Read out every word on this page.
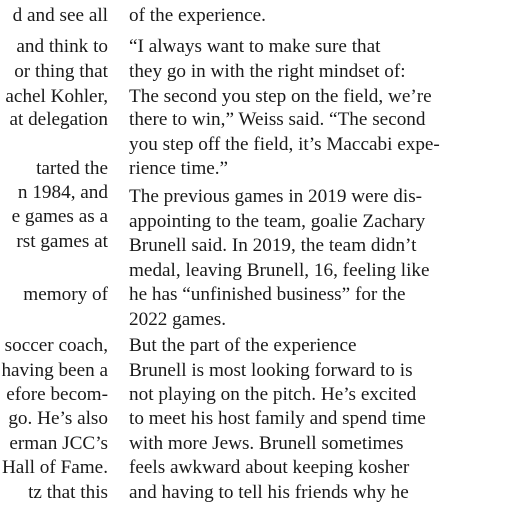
d and see all
and think to
or thing that
achel Kohler,
at delegation
tarted the
n 1984, and
e games as a
rst games at
memory of
soccer coach,
having been a
efore becom-
go. He’s also
erman JCC’s
Hall of Fame.
tz that this
of the experience.
“I always want to make sure that
they go in with the right mindset of:
The second you step on the field, we’re
there to win,” Weiss said. “The second
you step off the field, it’s Maccabi expe-
rience time.”
The previous games in 2019 were dis-
appointing to the team, goalie Zachary
Brunell said. In 2019, the team didn’t
medal, leaving Brunell, 16, feeling like
he has “unfinished business” for the
2022 games.
But the part of the experience
Brunell is most looking forward to is
not playing on the pitch. He’s excited
to meet his host family and spend time
with more Jews. Brunell sometimes
feels awkward about keeping kosher
and having to tell his friends why he
